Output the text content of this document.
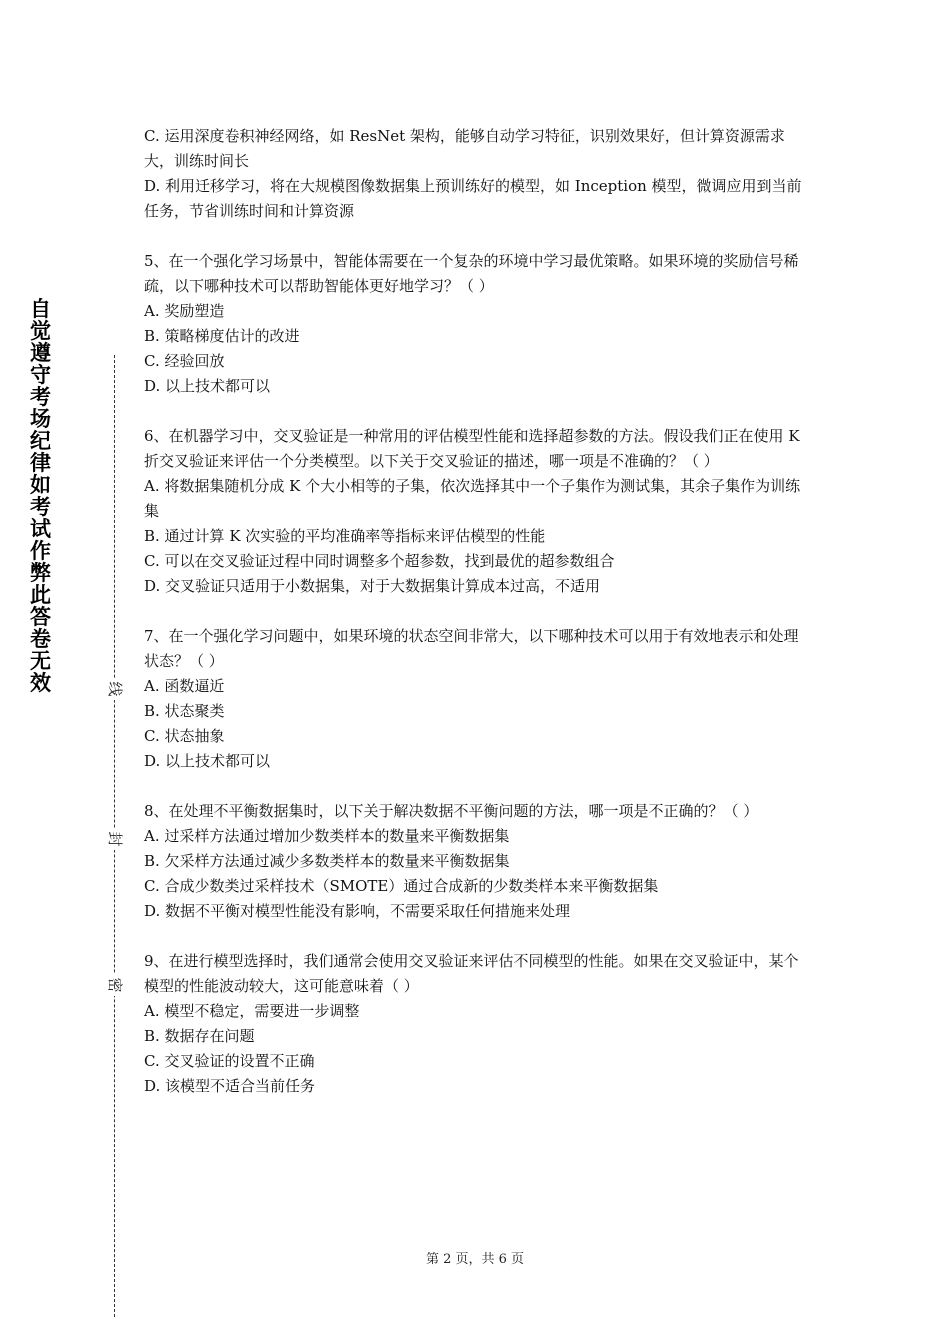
自觉遵守考场纪律如考试作弊此答卷无效	线
封
密

C. 运用深度卷积神经网络，如 ResNet 架构，能够自动学习特征，识别效果好，但计算资源需求大，训练时间长

D. 利用迁移学习，将在大规模图像数据集上预训练好的模型，如 Inception 模型，微调应用到当前任务，节省训练时间和计算资源

5、在一个强化学习场景中，智能体需要在一个复杂的环境中学习最优策略。如果环境的奖励信号稀疏，以下哪种技术可以帮助智能体更好地学习？（ ）

A. 奖励塑造

B. 策略梯度估计的改进

C. 经验回放

D. 以上技术都可以

6、在机器学习中，交叉验证是一种常用的评估模型性能和选择超参数的方法。假设我们正在使用 K 折交叉验证来评估一个分类模型。以下关于交叉验证的描述，哪一项是不准确的？（ ）

A. 将数据集随机分成 K 个大小相等的子集，依次选择其中一个子集作为测试集，其余子集作为训练集

B. 通过计算 K 次实验的平均准确率等指标来评估模型的性能

C. 可以在交叉验证过程中同时调整多个超参数，找到最优的超参数组合

D. 交叉验证只适用于小数据集，对于大数据集计算成本过高，不适用

7、在一个强化学习问题中，如果环境的状态空间非常大，以下哪种技术可以用于有效地表示和处理状态？（ ）

A. 函数逼近

B. 状态聚类

C. 状态抽象

D. 以上技术都可以

8、在处理不平衡数据集时，以下关于解决数据不平衡问题的方法，哪一项是不正确的？（ ）

A. 过采样方法通过增加少数类样本的数量来平衡数据集

B. 欠采样方法通过减少多数类样本的数量来平衡数据集

C. 合成少数类过采样技术（SMOTE）通过合成新的少数类样本来平衡数据集

D. 数据不平衡对模型性能没有影响，不需要采取任何措施来处理

9、在进行模型选择时，我们通常会使用交叉验证来评估不同模型的性能。如果在交叉验证中，某个模型的性能波动较大，这可能意味着（ ）

A. 模型不稳定，需要进一步调整

B. 数据存在问题

C. 交叉验证的设置不正确

D. 该模型不适合当前任务

第 2 页，共 6 页
